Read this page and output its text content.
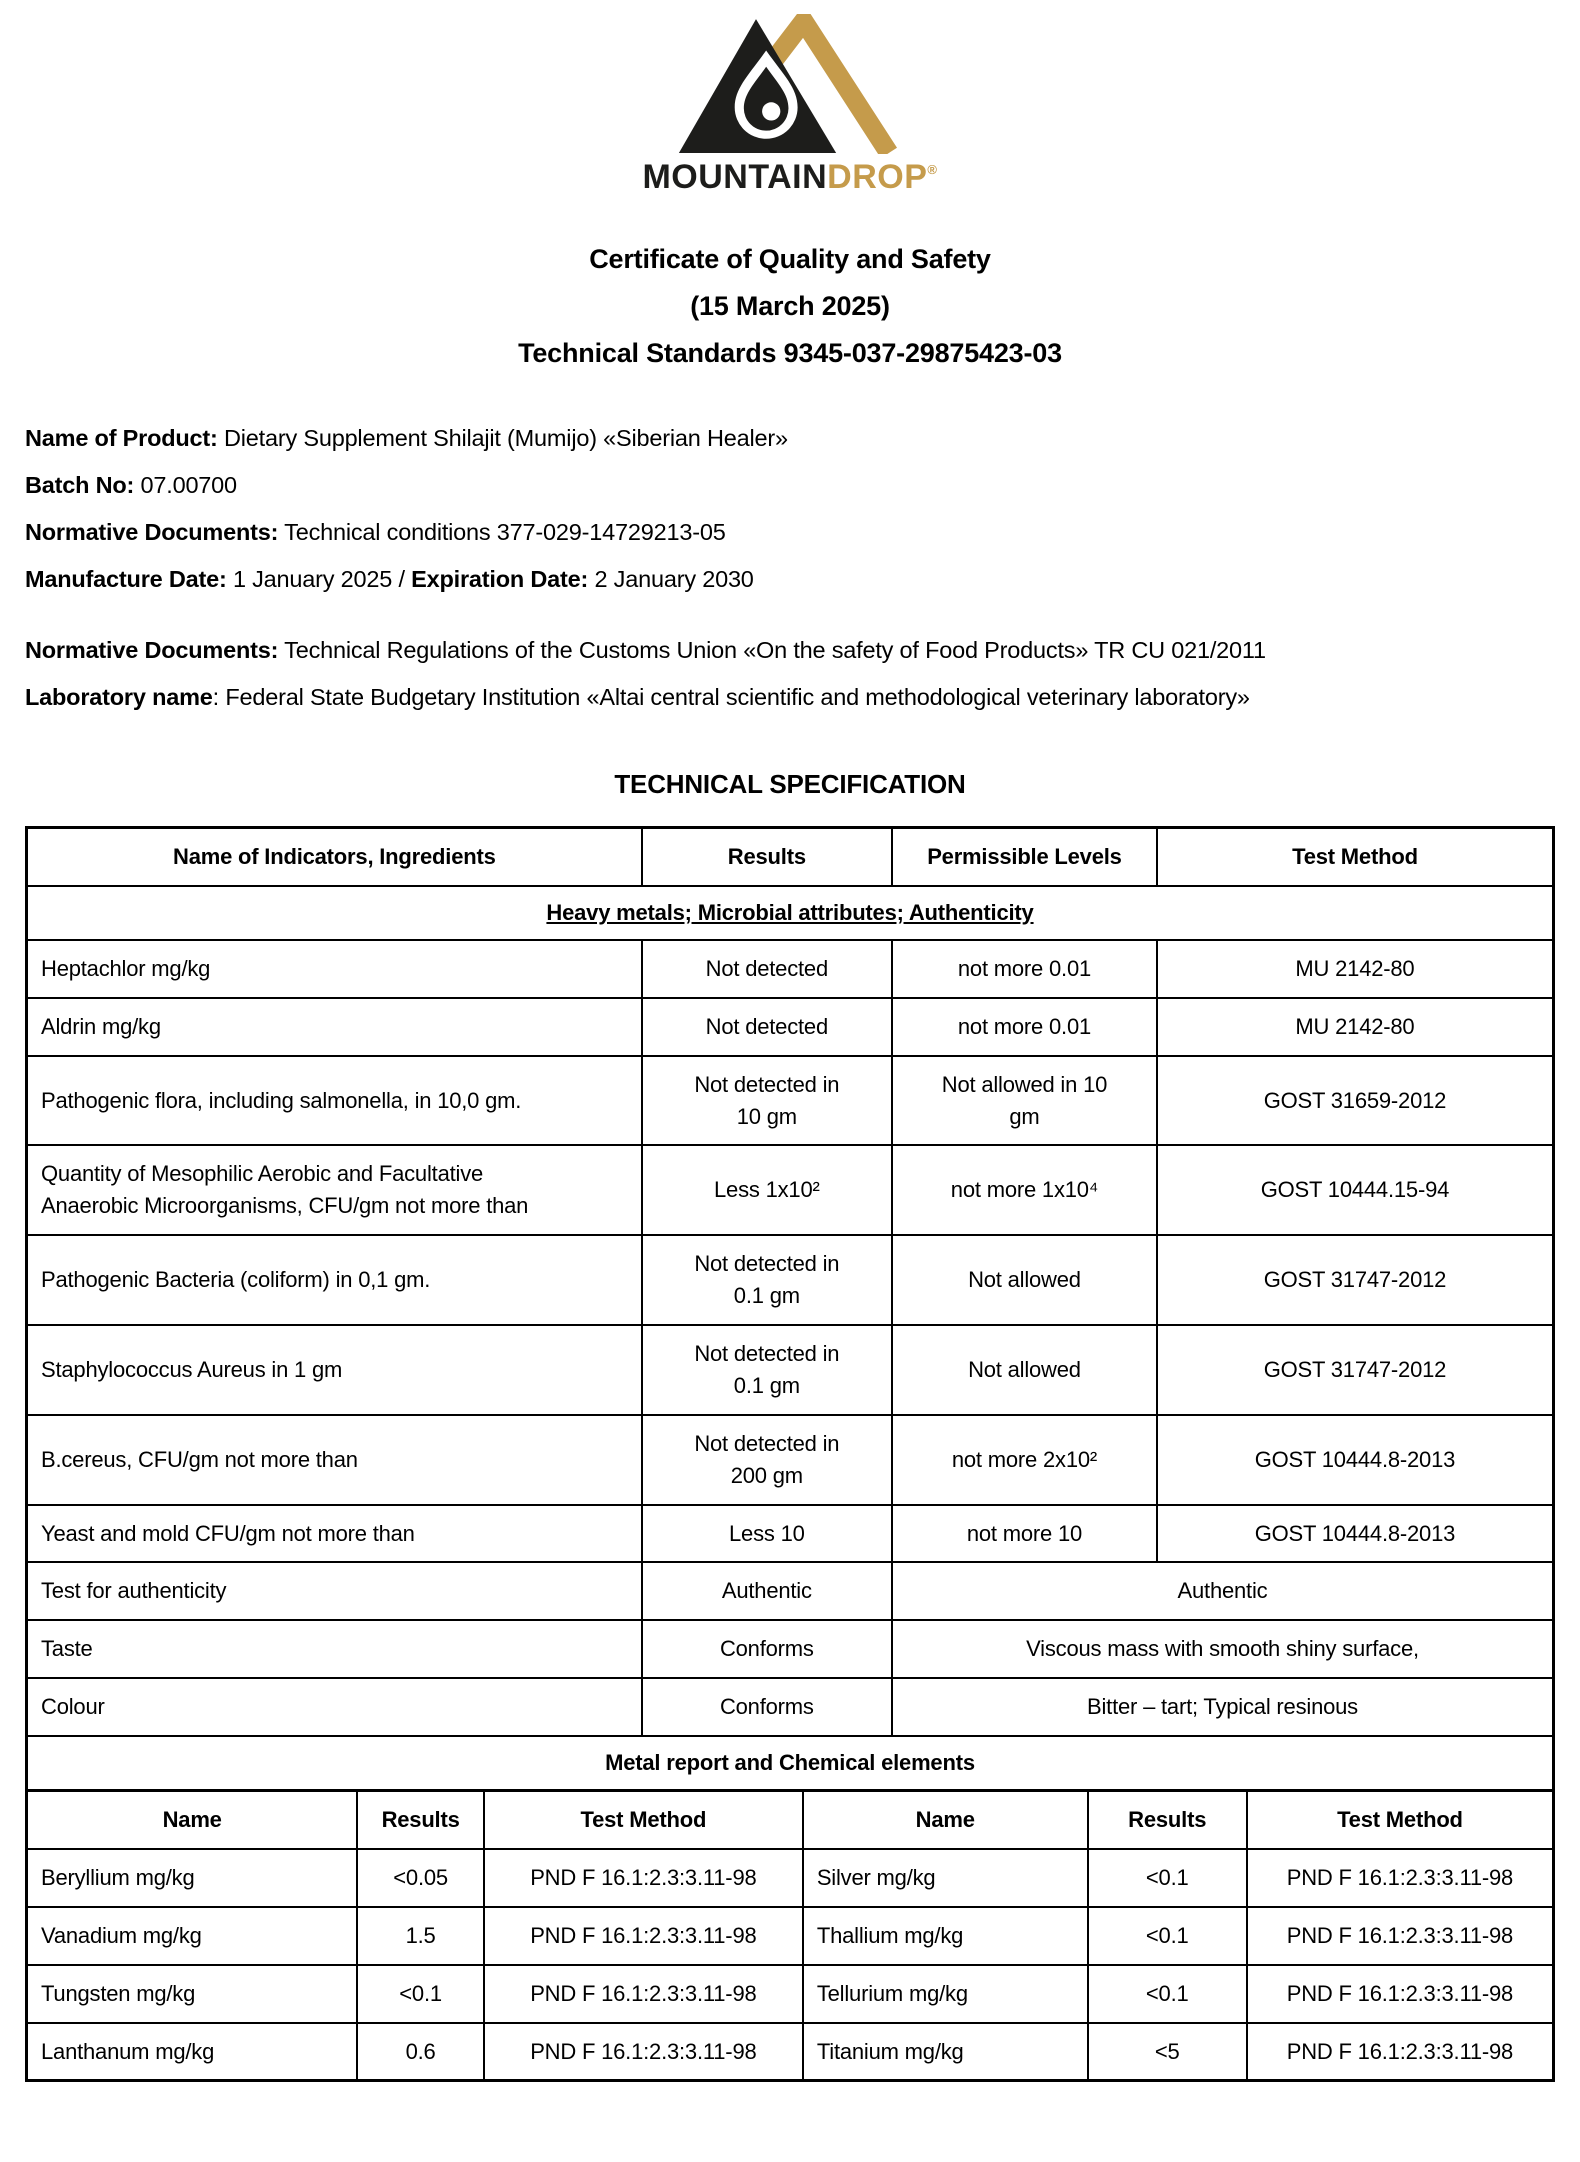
MOUNTAINDROP®
Certificate of Quality and Safety
(15 March 2025)
Technical Standards 9345-037-29875423-03

Name of Product: Dietary Supplement Shilajit (Mumijo) «Siberian Healer»

Batch No: 07.00700

Normative Documents: Technical conditions 377-029-14729213-05

Manufacture Date: 1 January 2025 / Expiration Date: 2 January 2030

Normative Documents: Technical Regulations of the Customs Union «On the safety of Food Products» TR CU 021/2011

Laboratory name: Federal State Budgetary Institution «Altai central scientific and methodological veterinary laboratory»

TECHNICAL SPECIFICATION
Name of Indicators, Ingredients	Results	Permissible Levels	Test Method
Heavy metals; Microbial attributes; Authenticity			
Heptachlor mg/kg	Not detected	not more 0.01	MU 2142-80
Aldrin mg/kg	Not detected	not more 0.01	MU 2142-80
Pathogenic flora, including salmonella, in 10,0 gm.	Not detected in 10 gm	Not allowed in 10 gm	GOST 31659-2012
Quantity of Mesophilic Aerobic and Facultative Anaerobic Microorganisms, CFU/gm not more than	Less 1x10²	not more 1x10⁴	GOST 10444.15-94
Pathogenic Bacteria (coliform) in 0,1 gm.	Not detected in 0.1 gm	Not allowed	GOST 31747-2012
Staphylococcus Aureus in 1 gm	Not detected in 0.1 gm	Not allowed	GOST 31747-2012
B.cereus, CFU/gm not more than	Not detected in 200 gm	not more 2x10²	GOST 10444.8-2013
Yeast and mold CFU/gm not more than	Less 10	not more 10	GOST 10444.8-2013
Test for authenticity	Authentic	Authentic	
Taste	Conforms	Viscous mass with smooth shiny surface,	
Colour	Conforms	Bitter – tart; Typical resinous	
Metal report and Chemical elements			
Name	Results	Test Method	Name	Results	Test Method
Beryllium mg/kg	<0.05	PND F 16.1:2.3:3.11-98	Silver mg/kg	<0.1	PND F 16.1:2.3:3.11-98
Vanadium mg/kg	1.5	PND F 16.1:2.3:3.11-98	Thallium mg/kg	<0.1	PND F 16.1:2.3:3.11-98
Tungsten mg/kg	<0.1	PND F 16.1:2.3:3.11-98	Tellurium mg/kg	<0.1	PND F 16.1:2.3:3.11-98
Lanthanum mg/kg	0.6	PND F 16.1:2.3:3.11-98	Titanium mg/kg	<5	PND F 16.1:2.3:3.11-98
